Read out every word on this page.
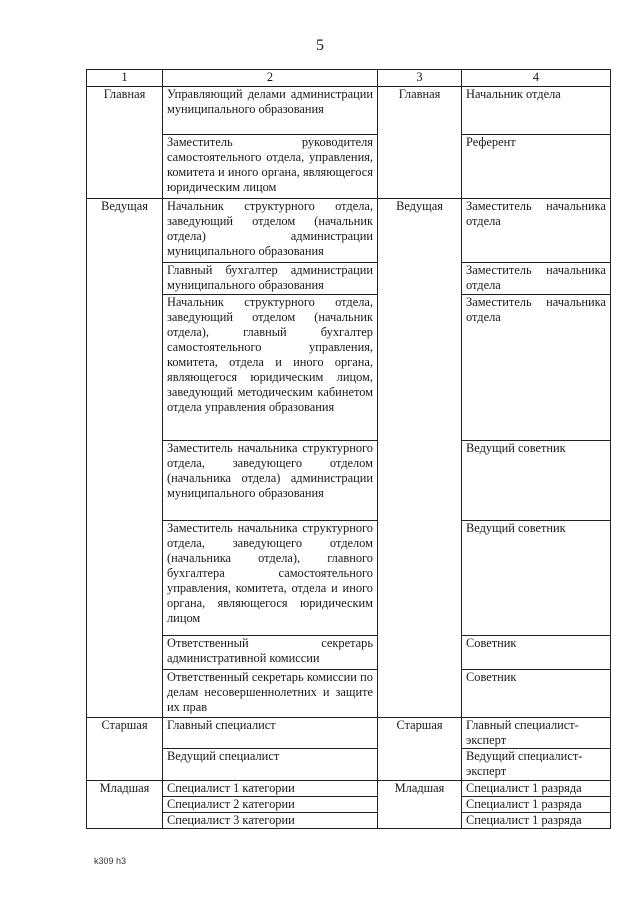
5
1	2	3	4
Главная	Управляющий делами администрации муниципального образования	Главная	Начальник отдела
	Заместитель руководителя самостоятельного отдела, управления, комитета и иного органа, являющегося юридическим лицом		Референт
Ведущая	Начальник структурного отдела, заведующий отделом (начальник отдела) администрации муниципального образования	Ведущая	Заместитель начальника отдела
	Главный бухгалтер администрации муниципального образования		Заместитель начальника отдела
	Начальник структурного отдела, заведующий отделом (начальник отдела), главный бухгалтер самостоятельного управления, комитета, отдела и иного органа, являющегося юридическим лицом, заведующий методическим кабинетом отдела управления образования		Заместитель начальника отдела
	Заместитель начальника структурного отдела, заведующего отделом (начальника отдела) администрации муниципального образования		Ведущий советник
	Заместитель начальника структурного отдела, заведующего отделом (начальника отдела), главного бухгалтера самостоятельного управления, комитета, отдела и иного органа, являющегося юридическим лицом		Ведущий советник
	Ответственный секретарь административной комиссии		Советник
	Ответственный секретарь комиссии по делам несовершеннолетних и защите их прав		Советник
Старшая	Главный специалист	Старшая	Главный специалист-эксперт
	Ведущий специалист		Ведущий специалист-эксперт
Младшая	Специалист 1 категории	Младшая	Специалист 1 разряда
	Специалист 2 категории		Специалист 1 разряда
	Специалист 3 категории		Специалист 1 разряда
k309 h3
